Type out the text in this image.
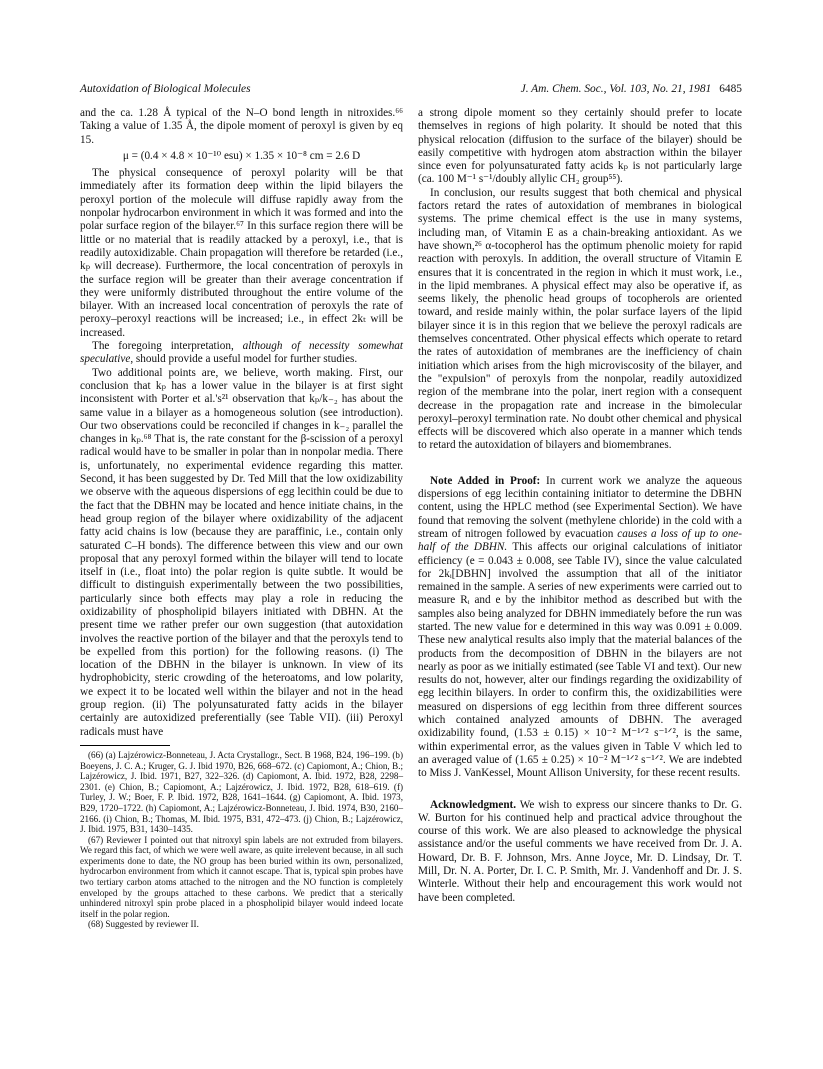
Autoxidation of Biological Molecules	J. Am. Chem. Soc., Vol. 103, No. 21, 1981 6485

and the ca. 1.28 Å typical of the N–O bond length in nitroxides.⁶⁶ Taking a value of 1.35 Å, the dipole moment of peroxyl is given by eq 15.

μ = (0.4 × 4.8 × 10⁻¹⁰ esu) × 1.35 × 10⁻⁸ cm = 2.6 D

The physical consequence of peroxyl polarity will be that immediately after its formation deep within the lipid bilayers the peroxyl portion of the molecule will diffuse rapidly away from the nonpolar hydrocarbon environment in which it was formed and into the polar surface region of the bilayer.⁶⁷ In this surface region there will be little or no material that is readily attacked by a peroxyl, i.e., that is readily autoxidizable. Chain propagation will therefore be retarded (i.e., kₚ will decrease). Furthermore, the local concentration of peroxyls in the surface region will be greater than their average concentration if they were uniformly distributed throughout the entire volume of the bilayer. With an increased local concentration of peroxyls the rate of peroxy–peroxyl reactions will be increased; i.e., in effect 2kₜ will be increased.

The foregoing interpretation, although of necessity somewhat speculative, should provide a useful model for further studies.

Two additional points are, we believe, worth making. First, our conclusion that kₚ has a lower value in the bilayer is at first sight inconsistent with Porter et al.'s²¹ observation that kₚ/k₋₂ has about the same value in a bilayer as a homogeneous solution (see introduction). Our two observations could be reconciled if changes in k₋₂ parallel the changes in kₚ.⁶⁸ That is, the rate constant for the β-scission of a peroxyl radical would have to be smaller in polar than in nonpolar media. There is, unfortunately, no experimental evidence regarding this matter. Second, it has been suggested by Dr. Ted Mill that the low oxidizability we observe with the aqueous dispersions of egg lecithin could be due to the fact that the DBHN may be located and hence initiate chains, in the head group region of the bilayer where oxidizability of the adjacent fatty acid chains is low (because they are paraffinic, i.e., contain only saturated C–H bonds). The difference between this view and our own proposal that any peroxyl formed within the bilayer will tend to locate itself in (i.e., float into) the polar region is quite subtle. It would be difficult to distinguish experimentally between the two possibilities, particularly since both effects may play a role in reducing the oxidizability of phospholipid bilayers initiated with DBHN. At the present time we rather prefer our own suggestion (that autoxidation involves the reactive portion of the bilayer and that the peroxyls tend to be expelled from this portion) for the following reasons. (i) The location of the DBHN in the bilayer is unknown. In view of its hydrophobicity, steric crowding of the heteroatoms, and low polarity, we expect it to be located well within the bilayer and not in the head group region. (ii) The polyunsaturated fatty acids in the bilayer certainly are autoxidized preferentially (see Table VII). (iii) Peroxyl radicals must have

(66) (a) Lajzérowicz-Bonneteau, J. Acta Crystallogr., Sect. B 1968, B24, 196–199. (b) Boeyens, J. C. A.; Kruger, G. J. Ibid 1970, B26, 668–672. (c) Capiomont, A.; Chion, B.; Lajzérowicz, J. Ibid. 1971, B27, 322–326. (d) Capiomont, A. Ibid. 1972, B28, 2298–2301. (e) Chion, B.; Capiomont, A.; Lajzérowicz, J. Ibid. 1972, B28, 618–619. (f) Turley, J. W.; Boer, F. P. Ibid. 1972, B28, 1641–1644. (g) Capiomont, A. Ibid. 1973, B29, 1720–1722. (h) Capiomont, A.; Lajzérowicz-Bonneteau, J. Ibid. 1974, B30, 2160–2166. (i) Chion, B.; Thomas, M. Ibid. 1975, B31, 472–473. (j) Chion, B.; Lajzérowicz, J. Ibid. 1975, B31, 1430–1435.

(67) Reviewer I pointed out that nitroxyl spin labels are not extruded from bilayers. We regard this fact, of which we were well aware, as quite irrelevent because, in all such experiments done to date, the NO group has been buried within its own, personalized, hydrocarbon environment from which it cannot escape. That is, typical spin probes have two tertiary carbon atoms attached to the nitrogen and the NO function is completely enveloped by the groups attached to these carbons. We predict that a sterically unhindered nitroxyl spin probe placed in a phospholipid bilayer would indeed locate itself in the polar region.

(68) Suggested by reviewer II.

a strong dipole moment so they certainly should prefer to locate themselves in regions of high polarity. It should be noted that this physical relocation (diffusion to the surface of the bilayer) should be easily competitive with hydrogen atom abstraction within the bilayer since even for polyunsaturated fatty acids kₚ is not particularly large (ca. 100 M⁻¹ s⁻¹/doubly allylic CH₂ group⁵⁵).

In conclusion, our results suggest that both chemical and physical factors retard the rates of autoxidation of membranes in biological systems. The prime chemical effect is the use in many systems, including man, of Vitamin E as a chain-breaking antioxidant. As we have shown,²⁶ α-tocopherol has the optimum phenolic moiety for rapid reaction with peroxyls. In addition, the overall structure of Vitamin E ensures that it is concentrated in the region in which it must work, i.e., in the lipid membranes. A physical effect may also be operative if, as seems likely, the phenolic head groups of tocopherols are oriented toward, and reside mainly within, the polar surface layers of the lipid bilayer since it is in this region that we believe the peroxyl radicals are themselves concentrated. Other physical effects which operate to retard the rates of autoxidation of membranes are the inefficiency of chain initiation which arises from the high microviscosity of the bilayer, and the "expulsion" of peroxyls from the nonpolar, readily autoxidized region of the membrane into the polar, inert region with a consequent decrease in the propagation rate and increase in the bimolecular peroxyl–peroxyl termination rate. No doubt other chemical and physical effects will be discovered which also operate in a manner which tends to retard the autoxidation of bilayers and biomembranes.

Note Added in Proof: In current work we analyze the aqueous dispersions of egg lecithin containing initiator to determine the DBHN content, using the HPLC method (see Experimental Section). We have found that removing the solvent (methylene chloride) in the cold with a stream of nitrogen followed by evacuation causes a loss of up to one-half of the DBHN. This affects our original calculations of initiator efficiency (e = 0.043 ± 0.008, see Table IV), since the value calculated for 2kᵢ[DBHN] involved the assumption that all of the initiator remained in the sample. A series of new experiments were carried out to measure Rᵢ and e by the inhibitor method as described but with the samples also being analyzed for DBHN immediately before the run was started. The new value for e determined in this way was 0.091 ± 0.009. These new analytical results also imply that the material balances of the products from the decomposition of DBHN in the bilayers are not nearly as poor as we initially estimated (see Table VI and text). Our new results do not, however, alter our findings regarding the oxidizability of egg lecithin bilayers. In order to confirm this, the oxidizabilities were measured on dispersions of egg lecithin from three different sources which contained analyzed amounts of DBHN. The averaged oxidizability found, (1.53 ± 0.15) × 10⁻² M⁻¹ᐟ² s⁻¹ᐟ², is the same, within experimental error, as the values given in Table V which led to an averaged value of (1.65 ± 0.25) × 10⁻² M⁻¹ᐟ² s⁻¹ᐟ². We are indebted to Miss J. VanKessel, Mount Allison University, for these recent results.

Acknowledgment. We wish to express our sincere thanks to Dr. G. W. Burton for his continued help and practical advice throughout the course of this work. We are also pleased to acknowledge the physical assistance and/or the useful comments we have received from Dr. J. A. Howard, Dr. B. F. Johnson, Mrs. Anne Joyce, Mr. D. Lindsay, Dr. T. Mill, Dr. N. A. Porter, Dr. I. C. P. Smith, Mr. J. Vandenhoff and Dr. J. S. Winterle. Without their help and encouragement this work would not have been completed.
